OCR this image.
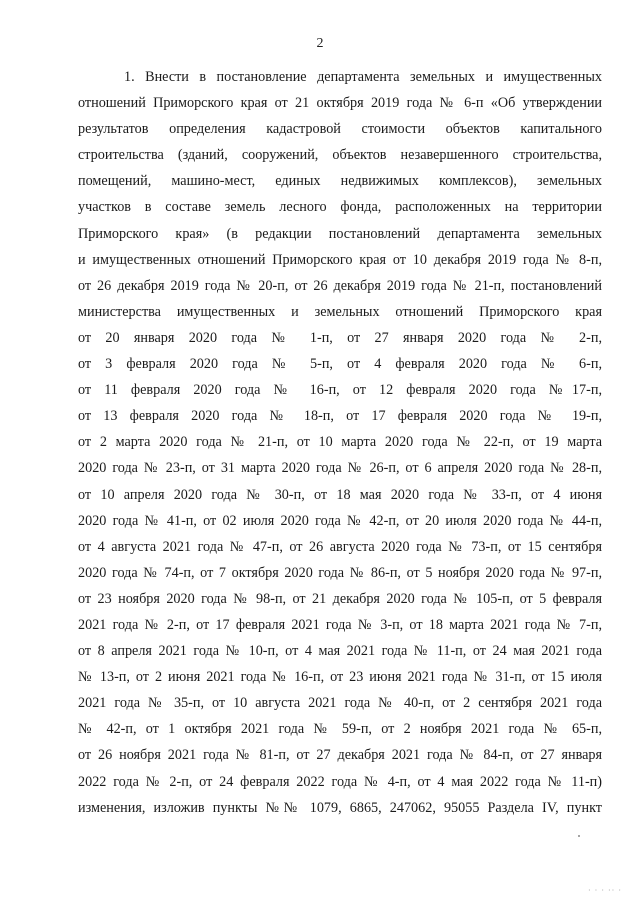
2
1. Внести в постановление департамента земельных и имущественных
отношений Приморского края от 21 октября 2019 года № 6-п «Об утверждении
результатов определения кадастровой стоимости объектов капитального
строительства (зданий, сооружений, объектов незавершенного строительства,
помещений, машино-мест, единых недвижимых комплексов), земельных
участков в составе земель лесного фонда, расположенных на территории
Приморского края» (в редакции постановлений департамента земельных
и имущественных отношений Приморского края от 10 декабря 2019 года № 8-п,
от 26 декабря 2019 года № 20-п, от 26 декабря 2019 года № 21-п, постановлений
министерства имущественных и земельных отношений Приморского края
от 20 января 2020 года № 1-п, от 27 января 2020 года № 2-п,
от 3 февраля 2020 года № 5-п, от 4 февраля 2020 года № 6-п,
от 11 февраля 2020 года № 16-п, от 12 февраля 2020 года №17-п,
от 13 февраля 2020 года № 18-п, от 17 февраля 2020 года № 19-п,
от 2 марта 2020 года № 21-п, от 10 марта 2020 года № 22-п, от 19 марта
2020 года № 23-п, от 31 марта 2020 года № 26-п, от 6 апреля 2020 года № 28-п,
от 10 апреля 2020 года № 30-п, от 18 мая 2020 года № 33-п, от 4 июня
2020 года № 41-п, от 02 июля 2020 года № 42-п, от 20 июля 2020 года № 44-п,
от 4 августа 2021 года № 47-п, от 26 августа 2020 года № 73-п, от 15 сентября
2020 года № 74-п, от 7 октября 2020 года № 86-п, от 5 ноября 2020 года № 97-п,
от 23 ноября 2020 года № 98-п, от 21 декабря 2020 года № 105-п, от 5 февраля
2021 года № 2-п, от 17 февраля 2021 года № 3-п, от 18 марта 2021 года № 7-п,
от 8 апреля 2021 года № 10-п, от 4 мая 2021 года № 11-п, от 24 мая 2021 года
№ 13-п, от 2 июня 2021 года № 16-п, от 23 июня 2021 года № 31-п, от 15 июля
2021 года № 35-п, от 10 августа 2021 года № 40-п, от 2 сентября 2021 года
№ 42-п, от 1 октября 2021 года № 59-п, от 2 ноября 2021 года № 65-п,
от 26 ноября 2021 года № 81-п, от 27 декабря 2021 года № 84-п, от 27 января
2022 года № 2-п, от 24 февраля 2022 года № 4-п, от 4 мая 2022 года № 11-п)
изменения, изложив пункты №№ 1079, 6865, 247062, 95055 Раздела IV, пункт
· · · ·· ·
